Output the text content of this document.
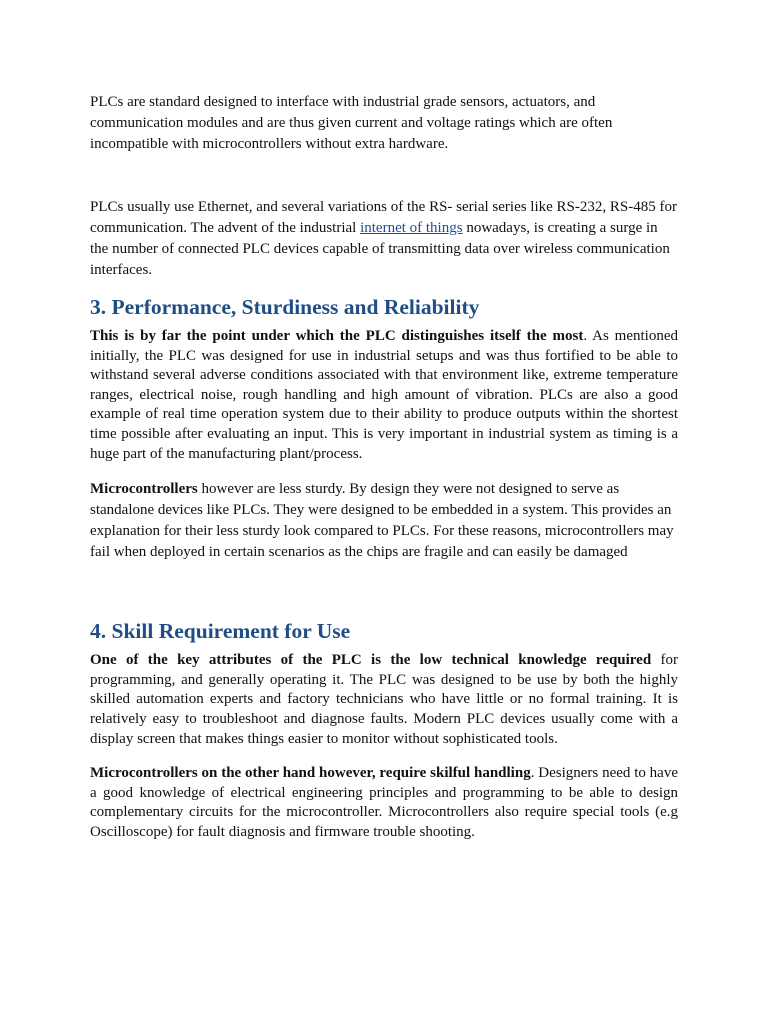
PLCs are standard designed to interface with industrial grade sensors, actuators, and communication modules and are thus given current and voltage ratings which are often incompatible with microcontrollers without extra hardware.

PLCs usually use Ethernet, and several variations of the RS- serial series like RS-232, RS-485 for communication. The advent of the industrial internet of things nowadays, is creating a surge in the number of connected PLC devices capable of transmitting data over wireless communication interfaces.

3. Performance, Sturdiness and Reliability

This is by far the point under which the PLC distinguishes itself the most. As mentioned initially, the PLC was designed for use in industrial setups and was thus fortified to be able to withstand several adverse conditions associated with that environment like, extreme temperature ranges, electrical noise, rough handling and high amount of vibration. PLCs are also a good example of real time operation system due to their ability to produce outputs within the shortest time possible after evaluating an input. This is very important in industrial system as timing is a huge part of the manufacturing plant/process.

Microcontrollers however are less sturdy. By design they were not designed to serve as standalone devices like PLCs. They were designed to be embedded in a system. This provides an explanation for their less sturdy look compared to PLCs. For these reasons, microcontrollers may fail when deployed in certain scenarios as the chips are fragile and can easily be damaged

4. Skill Requirement for Use

One of the key attributes of the PLC is the low technical knowledge required for programming, and generally operating it. The PLC was designed to be use by both the highly skilled automation experts and factory technicians who have little or no formal training. It is relatively easy to troubleshoot and diagnose faults. Modern PLC devices usually come with a display screen that makes things easier to monitor without sophisticated tools.

Microcontrollers on the other hand however, require skilful handling. Designers need to have a good knowledge of electrical engineering principles and programming to be able to design complementary circuits for the microcontroller. Microcontrollers also require special tools (e.g Oscilloscope) for fault diagnosis and firmware trouble shooting.
